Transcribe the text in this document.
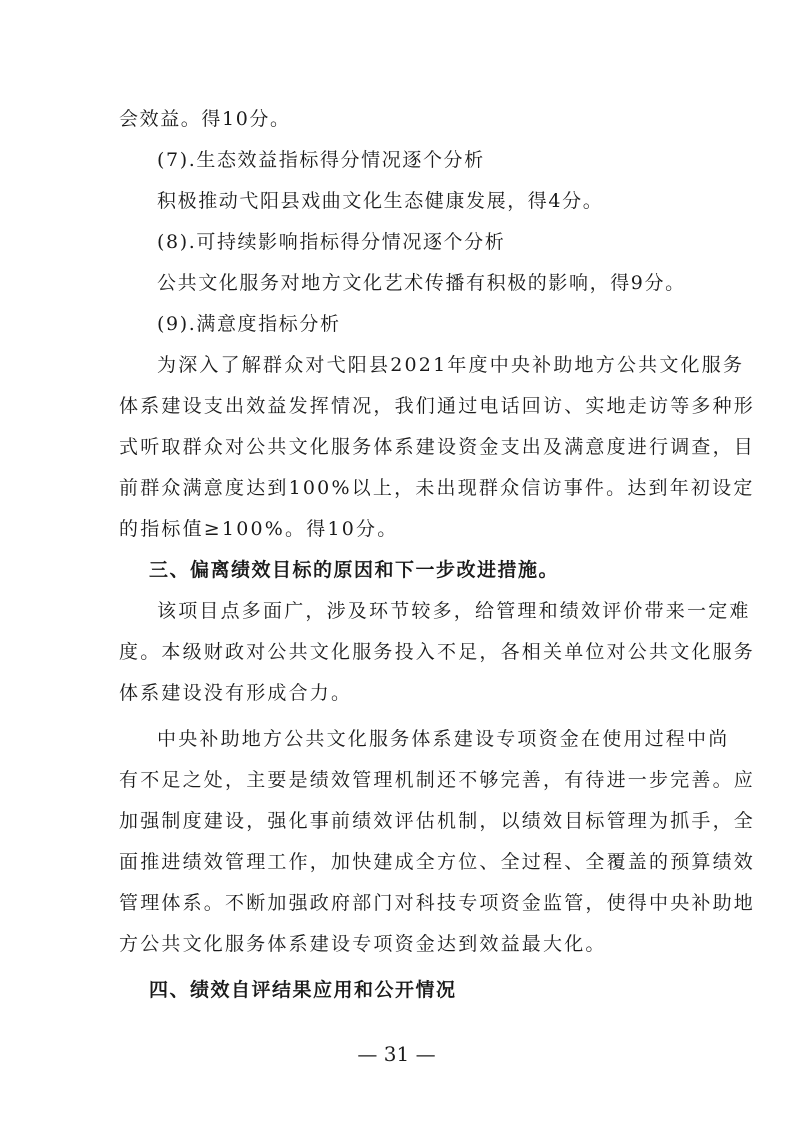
会效益。得10分。

(7).生态效益指标得分情况逐个分析

积极推动弋阳县戏曲文化生态健康发展，得4分。

(8).可持续影响指标得分情况逐个分析

公共文化服务对地方文化艺术传播有积极的影响，得9分。

(9).满意度指标分析

为深入了解群众对弋阳县2021年度中央补助地方公共文化服务

体系建设支出效益发挥情况，我们通过电话回访、实地走访等多种形

式听取群众对公共文化服务体系建设资金支出及满意度进行调查，目

前群众满意度达到100%以上，未出现群众信访事件。达到年初设定

的指标值≥100%。得10分。

三、偏离绩效目标的原因和下一步改进措施。

该项目点多面广，涉及环节较多，给管理和绩效评价带来一定难

度。本级财政对公共文化服务投入不足，各相关单位对公共文化服务

体系建设没有形成合力。

中央补助地方公共文化服务体系建设专项资金在使用过程中尚

有不足之处，主要是绩效管理机制还不够完善，有待进一步完善。应

加强制度建设，强化事前绩效评估机制，以绩效目标管理为抓手，全

面推进绩效管理工作，加快建成全方位、全过程、全覆盖的预算绩效

管理体系。不断加强政府部门对科技专项资金监管，使得中央补助地

方公共文化服务体系建设专项资金达到效益最大化。

四、绩效自评结果应用和公开情况
— 31 —
